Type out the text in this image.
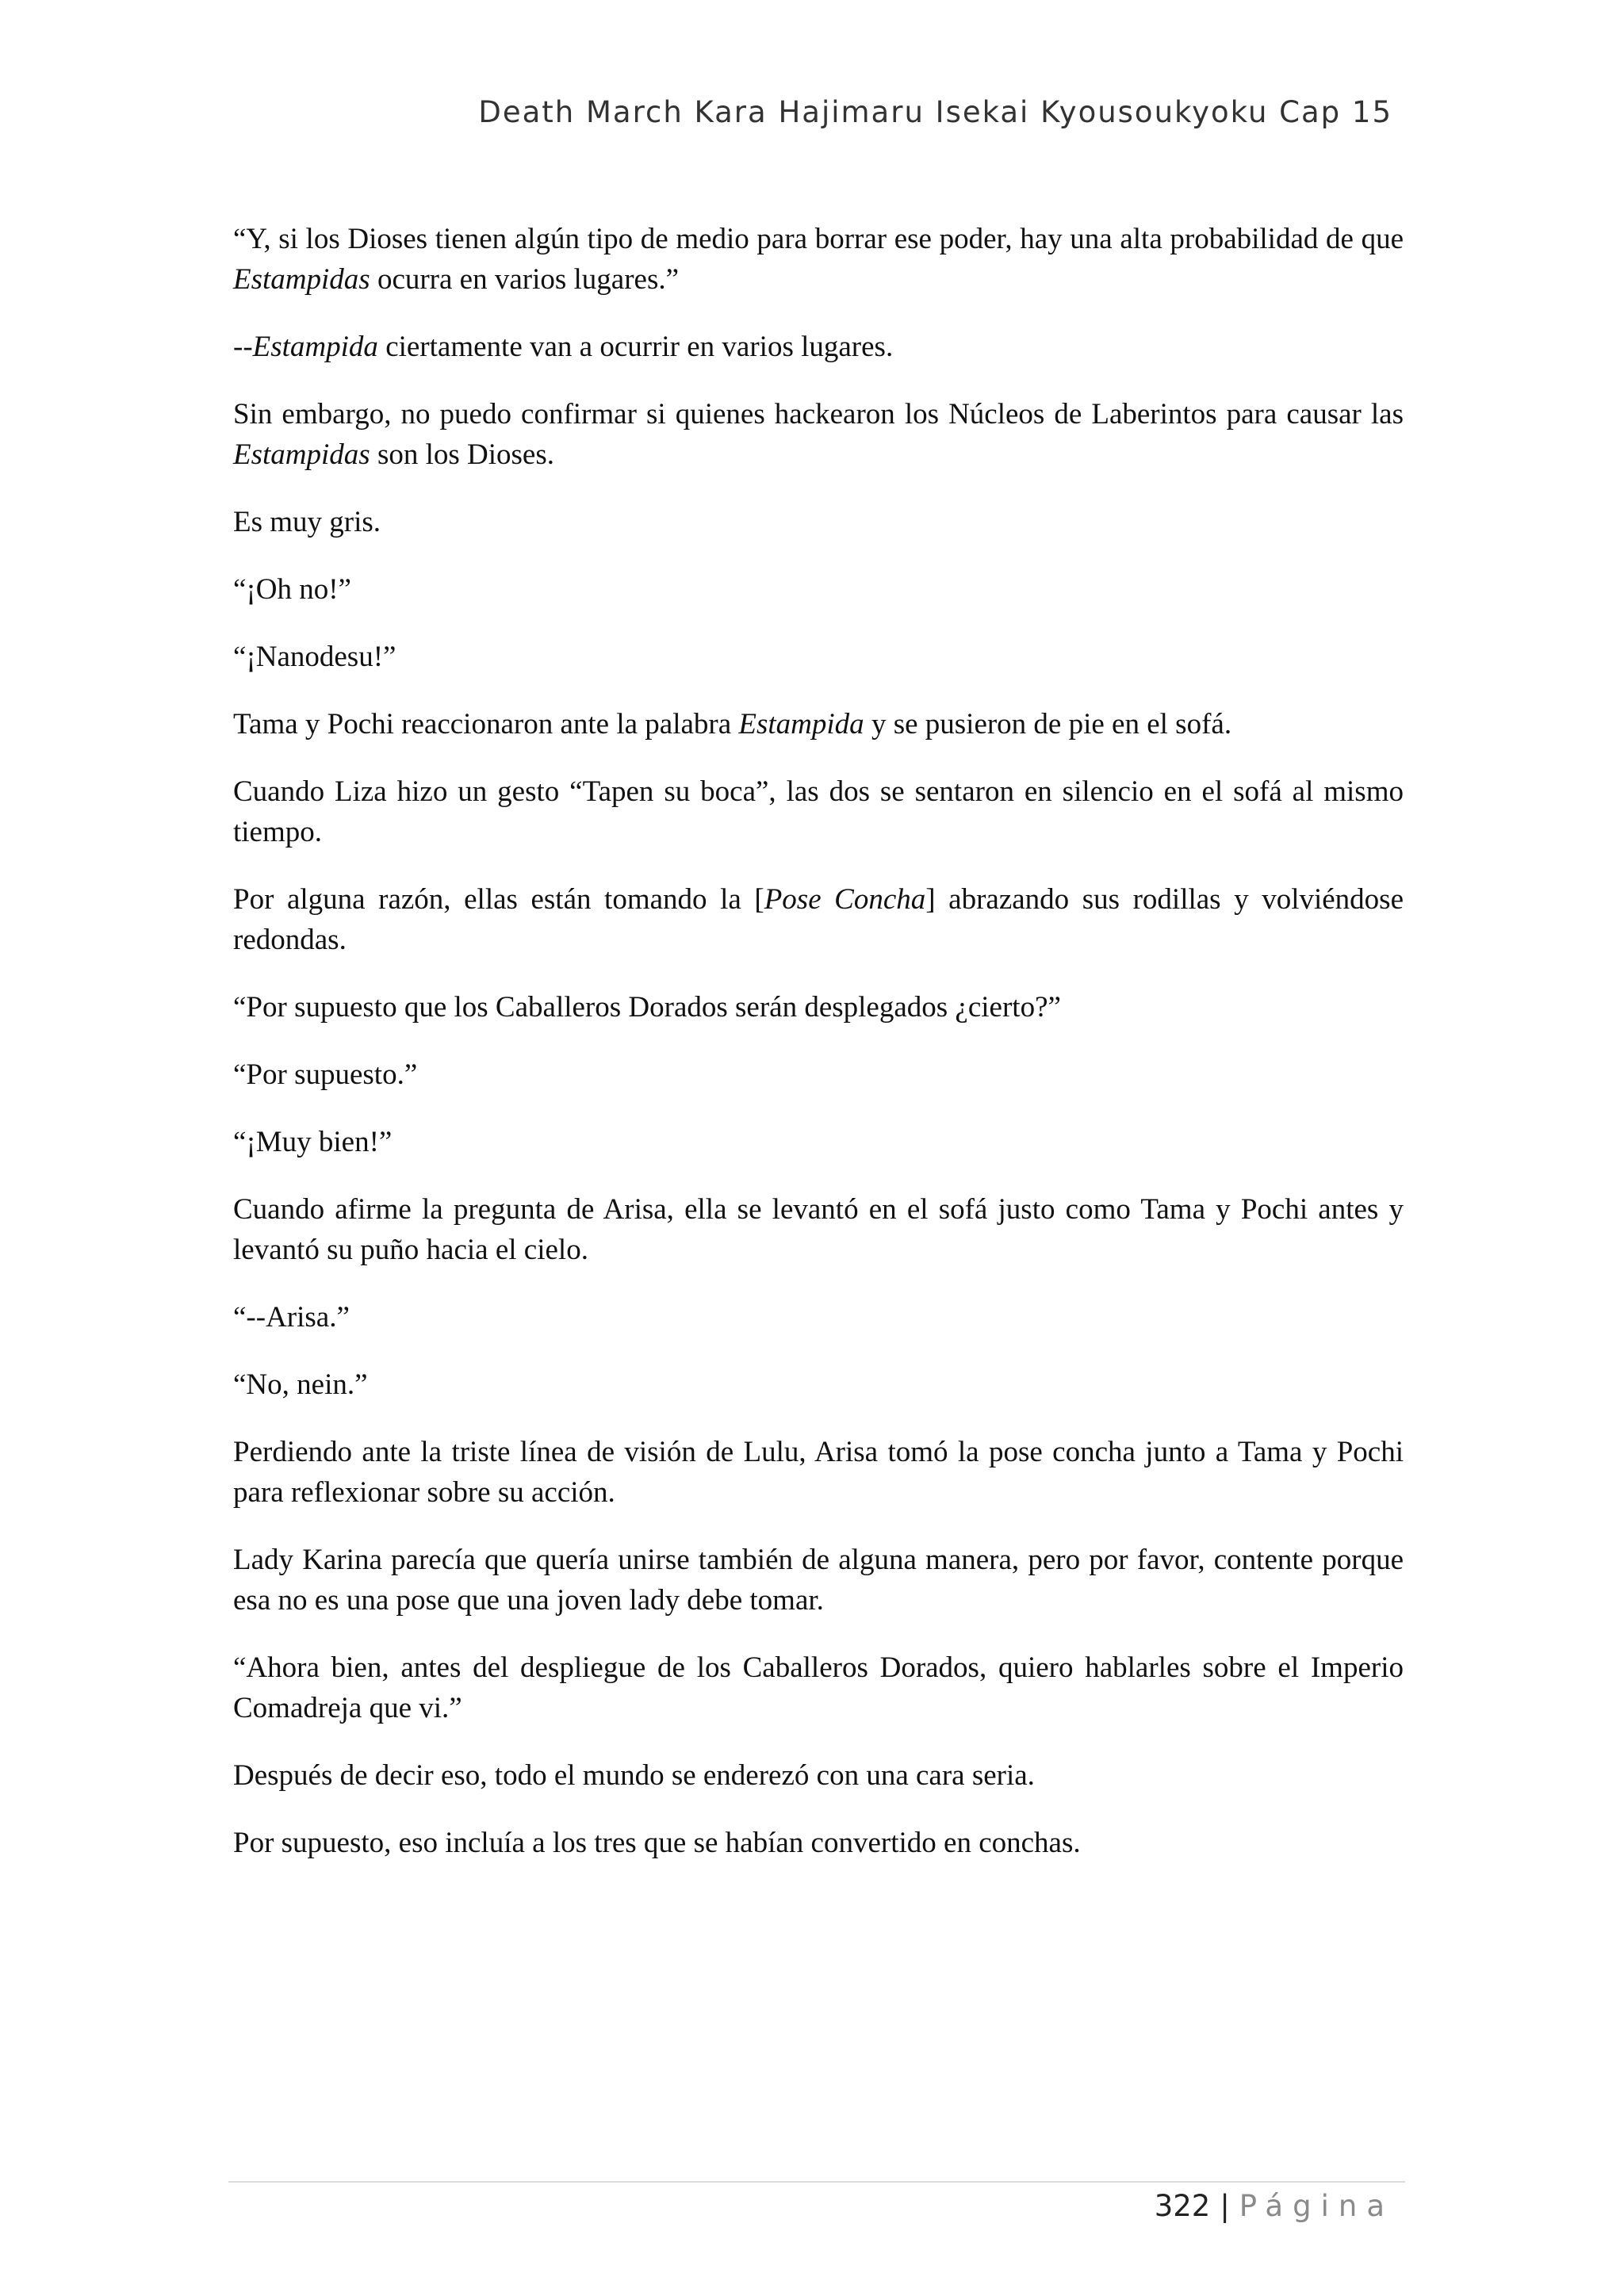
Death March Kara Hajimaru Isekai Kyousoukyoku Cap 15

“Y, si los Dioses tienen algún tipo de medio para borrar ese poder, hay una alta probabilidad de que Estampidas ocurra en varios lugares.”

--Estampida ciertamente van a ocurrir en varios lugares.

Sin embargo, no puedo confirmar si quienes hackearon los Núcleos de Laberintos para causar las Estampidas son los Dioses.

Es muy gris.

“¡Oh no!”

“¡Nanodesu!”

Tama y Pochi reaccionaron ante la palabra Estampida y se pusieron de pie en el sofá.

Cuando Liza hizo un gesto “Tapen su boca”, las dos se sentaron en silencio en el sofá al mismo tiempo.

Por alguna razón, ellas están tomando la [Pose Concha] abrazando sus rodillas y volviéndose redondas.

“Por supuesto que los Caballeros Dorados serán desplegados ¿cierto?”

“Por supuesto.”

“¡Muy bien!”

Cuando afirme la pregunta de Arisa, ella se levantó en el sofá justo como Tama y Pochi antes y levantó su puño hacia el cielo.

“--Arisa.”

“No, nein.”

Perdiendo ante la triste línea de visión de Lulu, Arisa tomó la pose concha junto a Tama y Pochi para reflexionar sobre su acción.

Lady Karina parecía que quería unirse también de alguna manera, pero por favor, contente porque esa no es una pose que una joven lady debe tomar.

“Ahora bien, antes del despliegue de los Caballeros Dorados, quiero hablarles sobre el Imperio Comadreja que vi.”

Después de decir eso, todo el mundo se enderezó con una cara seria.

Por supuesto, eso incluía a los tres que se habían convertido en conchas.

322 | Página
